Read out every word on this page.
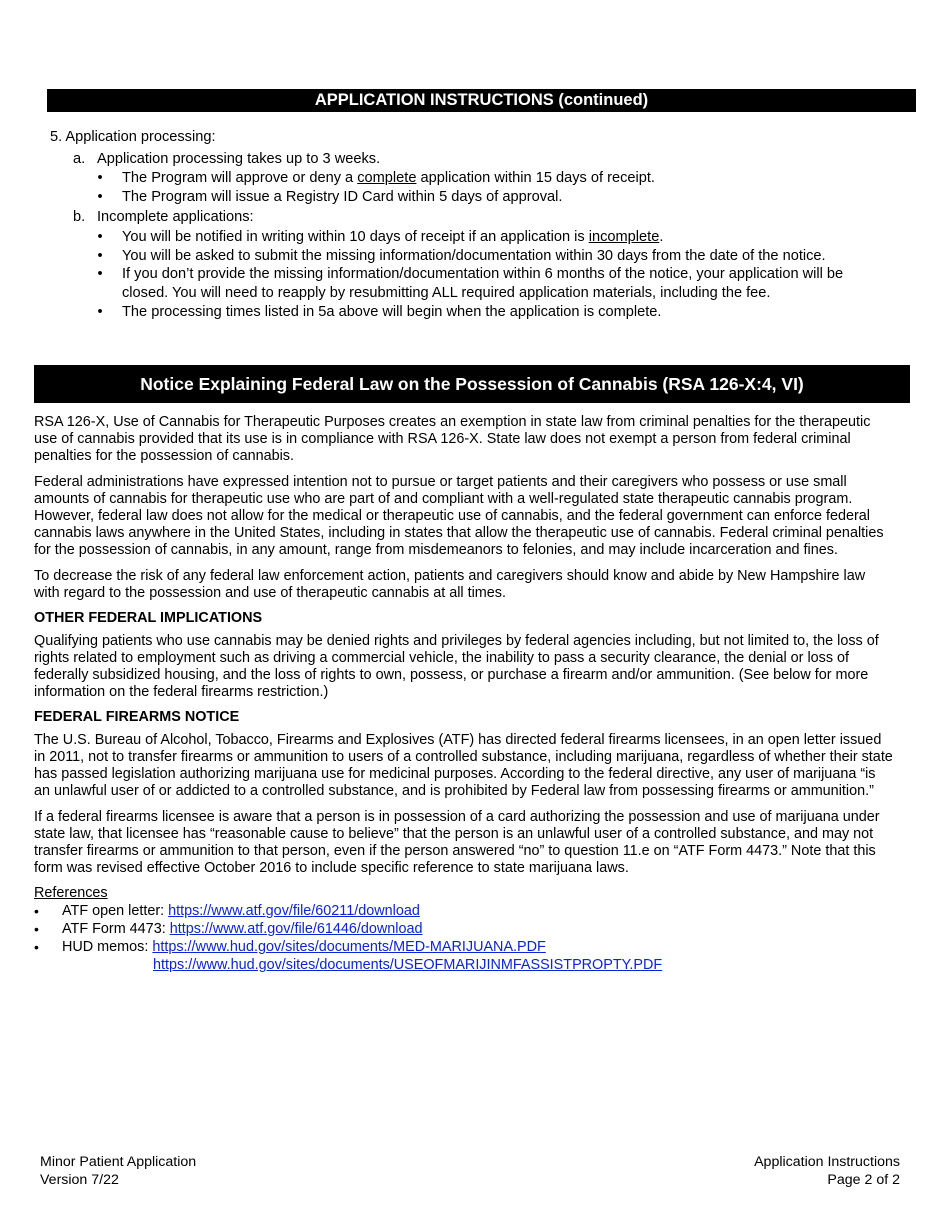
APPLICATION INSTRUCTIONS (continued)
5. Application processing:
a. Application processing takes up to 3 weeks.
• The Program will approve or deny a complete application within 15 days of receipt.
• The Program will issue a Registry ID Card within 5 days of approval.
b. Incomplete applications:
• You will be notified in writing within 10 days of receipt if an application is incomplete.
• You will be asked to submit the missing information/documentation within 30 days from the date of the notice.
• If you don’t provide the missing information/documentation within 6 months of the notice, your application will be
closed. You will need to reapply by resubmitting ALL required application materials, including the fee.
• The processing times listed in 5a above will begin when the application is complete.
Notice Explaining Federal Law on the Possession of Cannabis (RSA 126-X:4, VI)
RSA 126-X, Use of Cannabis for Therapeutic Purposes creates an exemption in state law from criminal penalties for the therapeutic
use of cannabis provided that its use is in compliance with RSA 126-X. State law does not exempt a person from federal criminal
penalties for the possession of cannabis.
Federal administrations have expressed intention not to pursue or target patients and their caregivers who possess or use small
amounts of cannabis for therapeutic use who are part of and compliant with a well-regulated state therapeutic cannabis program.
However, federal law does not allow for the medical or therapeutic use of cannabis, and the federal government can enforce federal
cannabis laws anywhere in the United States, including in states that allow the therapeutic use of cannabis. Federal criminal penalties
for the possession of cannabis, in any amount, range from misdemeanors to felonies, and may include incarceration and fines.
To decrease the risk of any federal law enforcement action, patients and caregivers should know and abide by New Hampshire law
with regard to the possession and use of therapeutic cannabis at all times.
OTHER FEDERAL IMPLICATIONS
Qualifying patients who use cannabis may be denied rights and privileges by federal agencies including, but not limited to, the loss of
rights related to employment such as driving a commercial vehicle, the inability to pass a security clearance, the denial or loss of
federally subsidized housing, and the loss of rights to own, possess, or purchase a firearm and/or ammunition. (See below for more
information on the federal firearms restriction.)
FEDERAL FIREARMS NOTICE
The U.S. Bureau of Alcohol, Tobacco, Firearms and Explosives (ATF) has directed federal firearms licensees, in an open letter issued
in 2011, not to transfer firearms or ammunition to users of a controlled substance, including marijuana, regardless of whether their state
has passed legislation authorizing marijuana use for medicinal purposes. According to the federal directive, any user of marijuana “is
an unlawful user of or addicted to a controlled substance, and is prohibited by Federal law from possessing firearms or ammunition.”
If a federal firearms licensee is aware that a person is in possession of a card authorizing the possession and use of marijuana under
state law, that licensee has “reasonable cause to believe” that the person is an unlawful user of a controlled substance, and may not
transfer firearms or ammunition to that person, even if the person answered “no” to question 11.e on “ATF Form 4473.” Note that this
form was revised effective October 2016 to include specific reference to state marijuana laws.
References
• ATF open letter: https://www.atf.gov/file/60211/download
• ATF Form 4473: https://www.atf.gov/file/61446/download
• HUD memos: https://www.hud.gov/sites/documents/MED-MARIJUANA.PDF
https://www.hud.gov/sites/documents/USEOFMARIJINMFASSISTPROPTY.PDF
Minor Patient Application
Version 7/22
Application Instructions
Page 2 of 2
